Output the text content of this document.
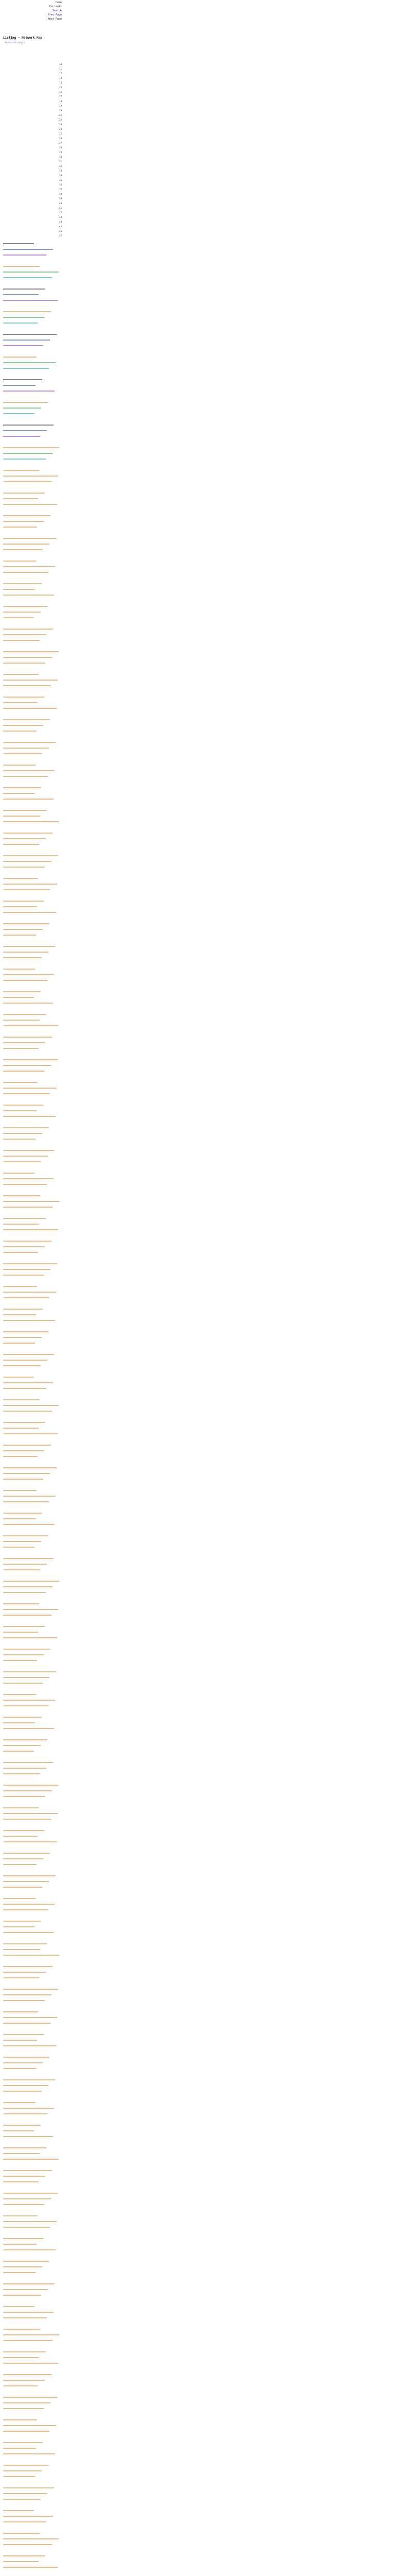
Home
Contents
Search
Prev Page
Next Page
Listing — Network Map
Generated output
10
11
12
13
14
15
16
17
18
19
20
21
22
23
24
25
26
27
28
29
30
31
32
33
34
35
36
37
38
39
40
41
42
43
44
45
46
47
